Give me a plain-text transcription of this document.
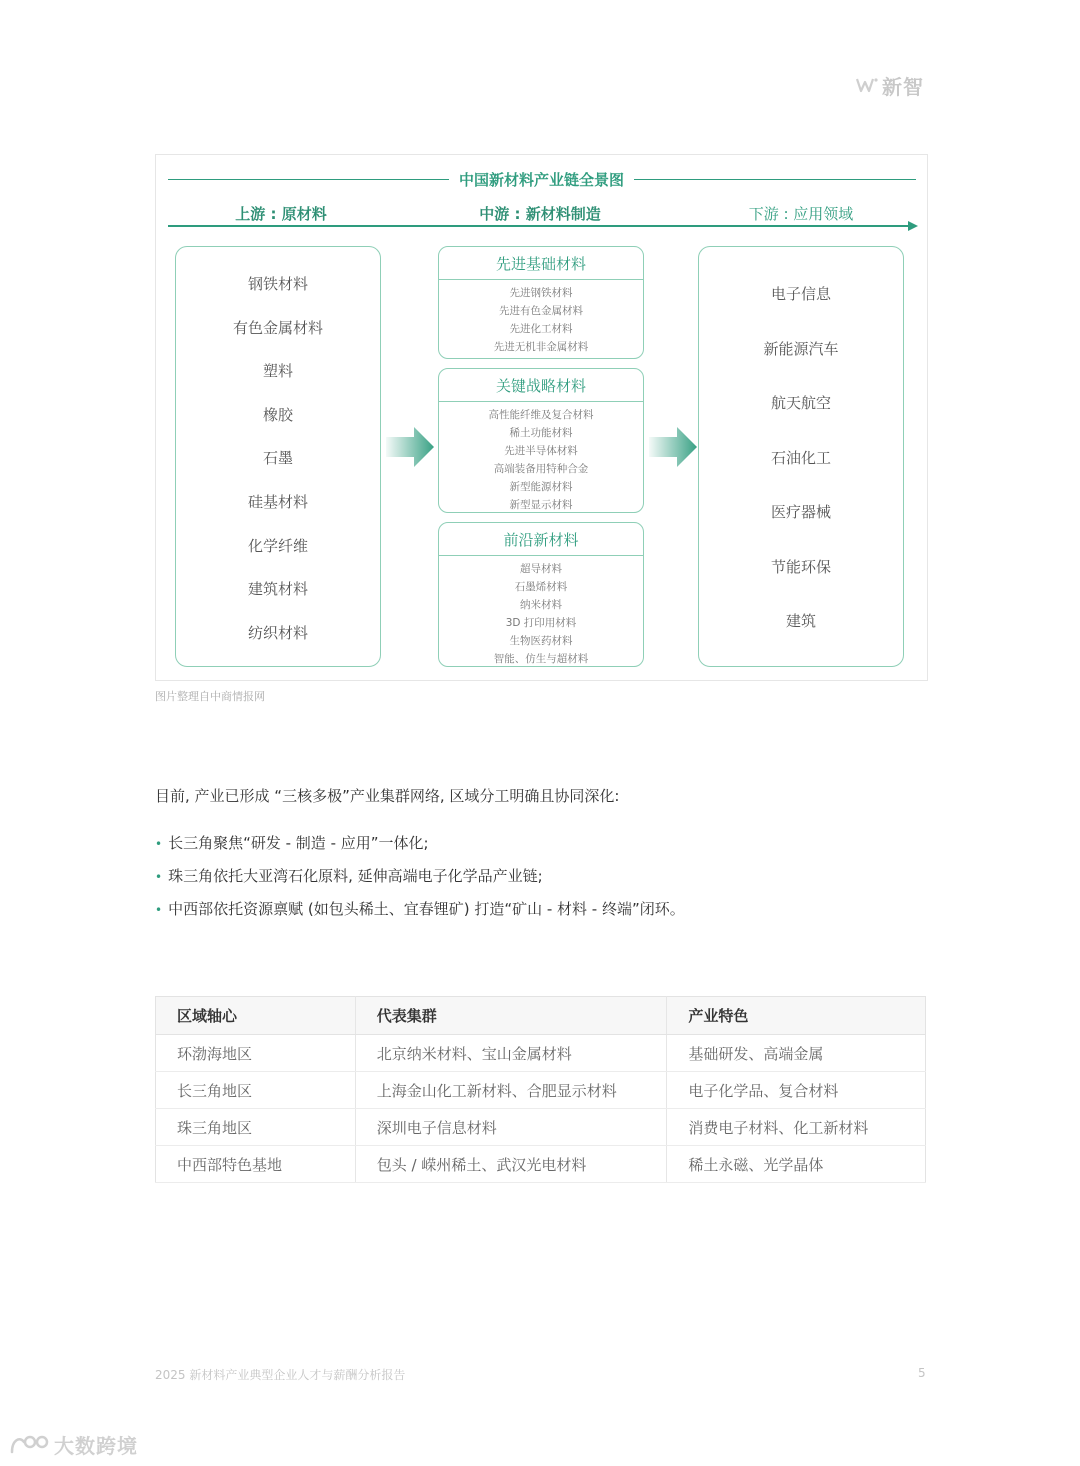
新智
中国新材料产业链全景图
上游 : 原材料	中游 : 新材料制造	下游 : 应用领域
钢铁材料
有色金属材料
塑料
橡胶
石墨
硅基材料
化学纤维
建筑材料
纺织材料
先进基础材料
先进钢铁材料
先进有色金属材料
先进化工材料
先进无机非金属材料
关键战略材料
高性能纤维及复合材料
稀土功能材料
先进半导体材料
高端装备用特种合金
新型能源材料
新型显示材料
前沿新材料
超导材料
石墨烯材料
纳米材料
3D 打印用材料
生物医药材料
智能、仿生与超材料
电子信息
新能源汽车
航天航空
石油化工
医疗器械
节能环保
建筑
图片整理自中商情报网
目前, 产业已形成 “三核多极”产业集群网络, 区域分工明确且协同深化:
• 长三角聚焦“研发 - 制造 - 应用”一体化;
• 珠三角依托大亚湾石化原料, 延伸高端电子化学品产业链;
• 中西部依托资源禀赋 (如包头稀土、宜春锂矿) 打造“矿山 - 材料 - 终端”闭环。
区域轴心	代表集群	产业特色
环渤海地区	北京纳米材料、宝山金属材料	基础研发、高端金属
长三角地区	上海金山化工新材料、合肥显示材料	电子化学品、复合材料
珠三角地区	深圳电子信息材料	消费电子材料、化工新材料
中西部特色基地	包头 / 嵘州稀土、武汉光电材料	稀土永磁、光学晶体
2025 新材料产业典型企业人才与薪酬分析报告	5
大数跨境
